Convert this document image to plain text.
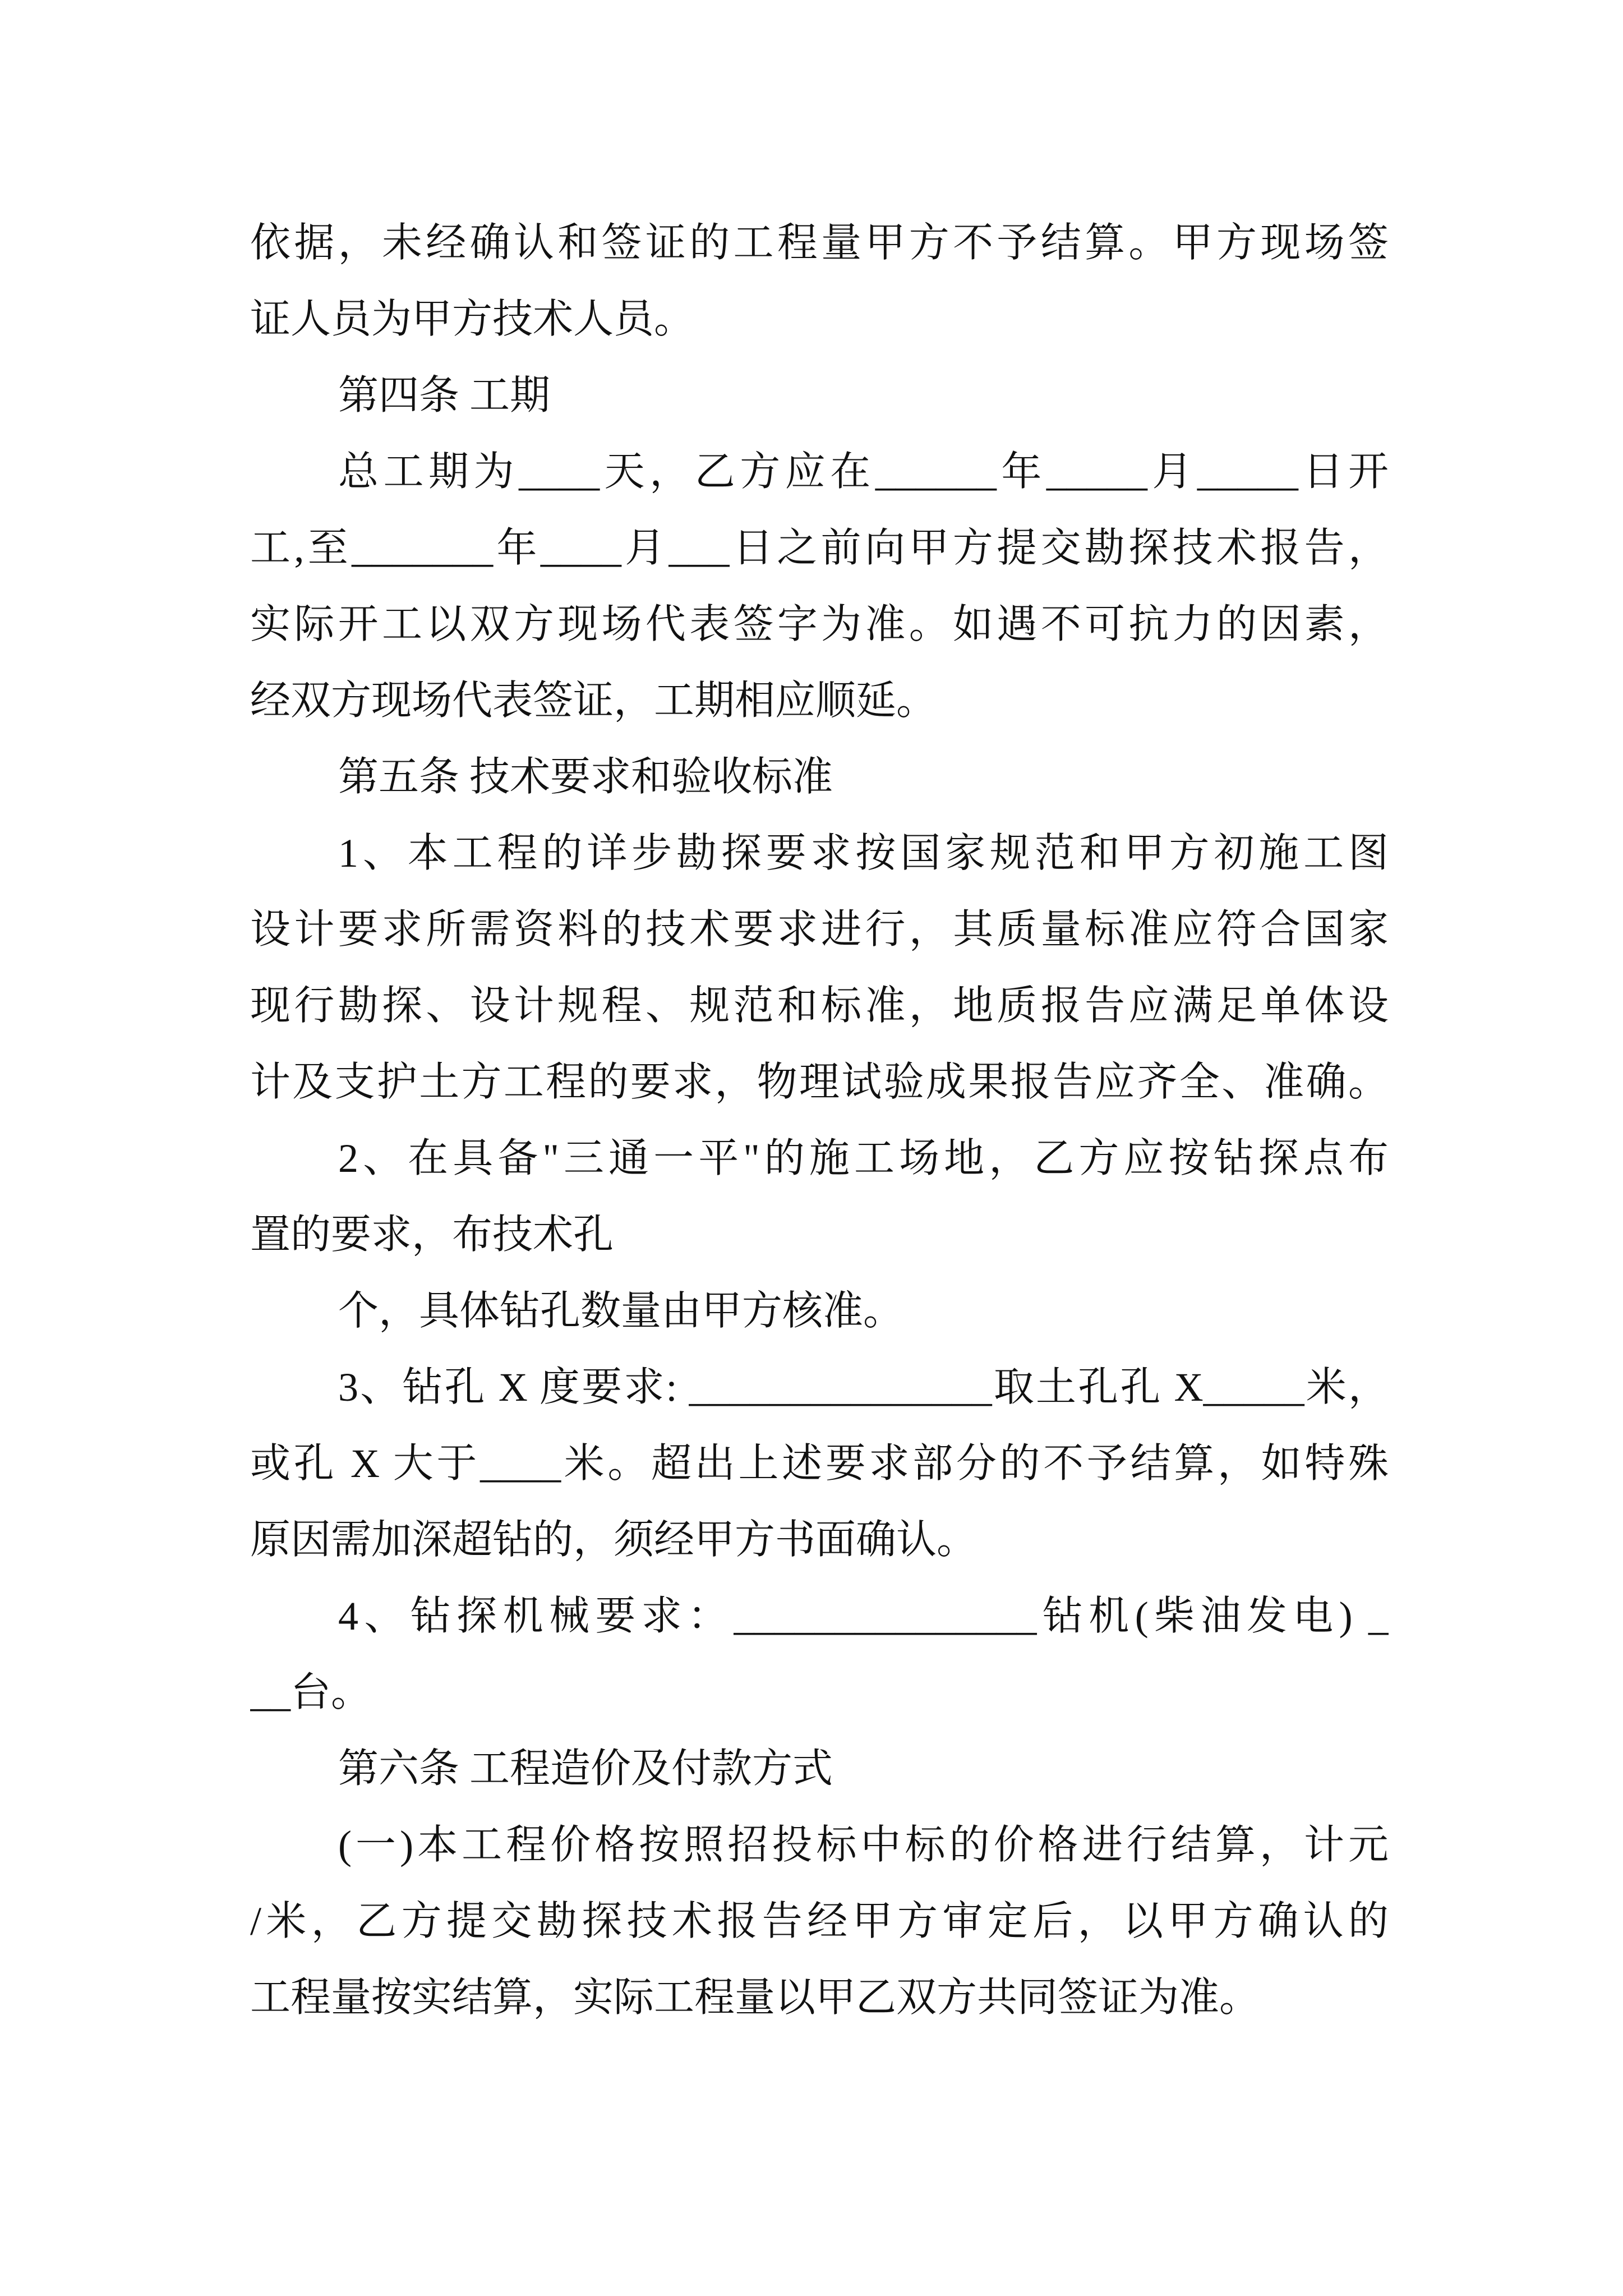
依据，未经确认和签证的工程量甲方不予结算。甲方现场签
证人员为甲方技术人员。
第四条 工期
总工期为____天，乙方应在______年_____月_____日开
工,至_______年____月___日之前向甲方提交勘探技术报告，
实际开工以双方现场代表签字为准。如遇不可抗力的因素，
经双方现场代表签证，工期相应顺延。
第五条 技术要求和验收标准
1、本工程的详步勘探要求按国家规范和甲方初施工图
设计要求所需资料的技术要求进行，其质量标准应符合国家
现行勘探、设计规程、规范和标准，地质报告应满足单体设
计及支护土方工程的要求，物理试验成果报告应齐全、准确。
2、在具备"三通一平"的施工场地，乙方应按钻探点布
置的要求，布技术孔
个，具体钻孔数量由甲方核准。
3、钻孔 X 度要求: _______________取土孔孔 X_____米，
或孔 X 大于____米。超出上述要求部分的不予结算，如特殊
原因需加深超钻的，须经甲方书面确认。
4、钻探机械要求：_______________钻机(柴油发电) _
__台。
第六条 工程造价及付款方式
(一)本工程价格按照招投标中标的价格进行结算，计元
/米，乙方提交勘探技术报告经甲方审定后，以甲方确认的
工程量按实结算，实际工程量以甲乙双方共同签证为准。
